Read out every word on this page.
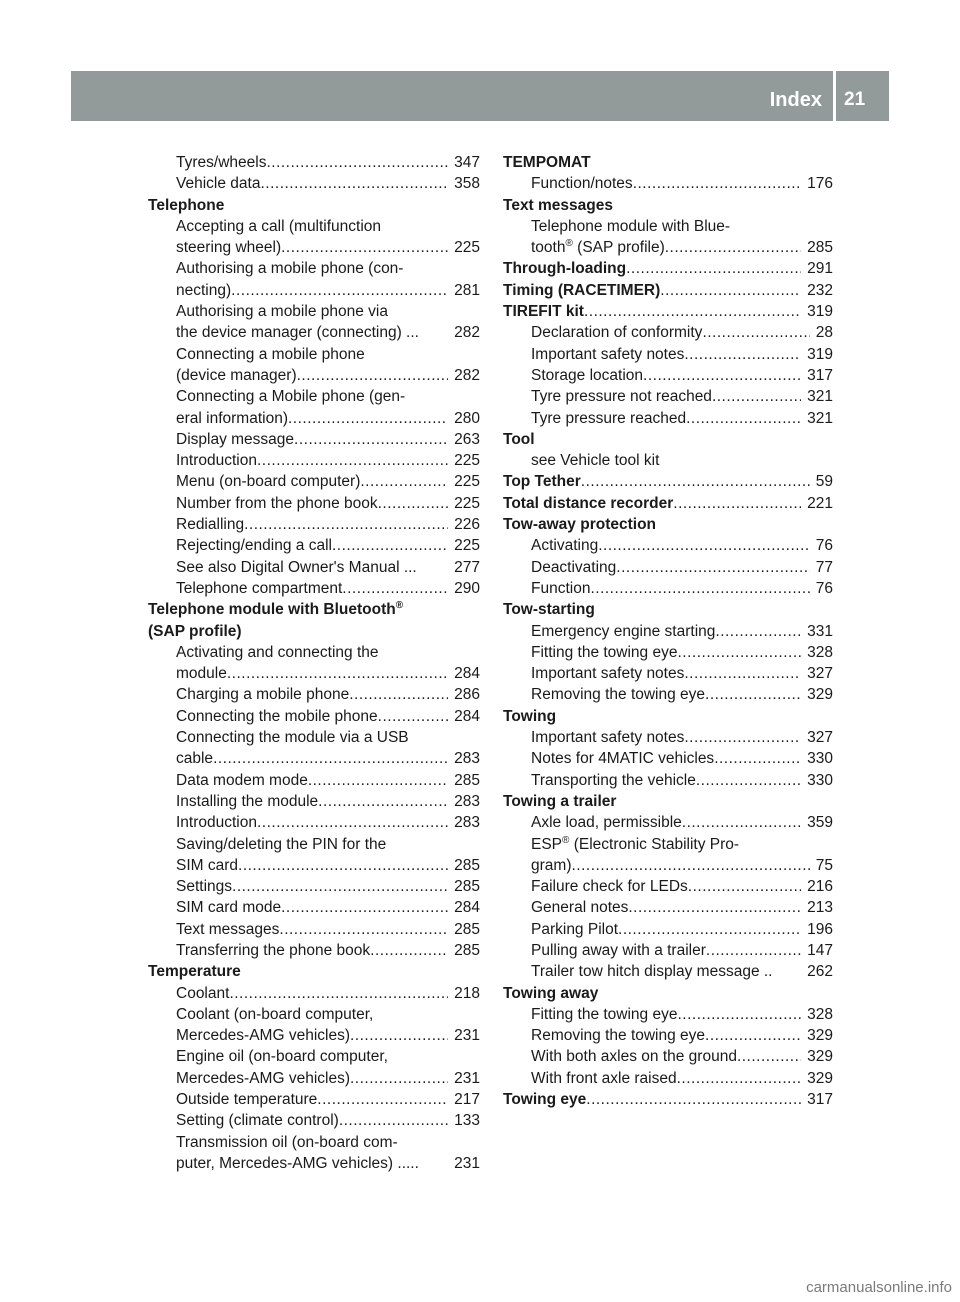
Index 21
Tyres/wheels .....	347
Vehicle data .....	358
Telephone
Accepting a call (multifunction
steering wheel) .....	225
Authorising a mobile phone (con-
necting) .....	281
Authorising a mobile phone via
the device manager (connecting) ...	282
Connecting a mobile phone
(device manager) .....	282
Connecting a Mobile phone (gen-
eral information) .....	280
Display message .....	263
Introduction .....	225
Menu (on-board computer) .....	225
Number from the phone book .....	225
Redialling .....	226
Rejecting/ending a call .....	225
See also Digital Owner's Manual ...	277
Telephone compartment .....	290
Telephone module with Bluetooth®
(SAP profile)
Activating and connecting the
module .....	284
Charging a mobile phone .....	286
Connecting the mobile phone .....	284
Connecting the module via a USB
cable .....	283
Data modem mode .....	285
Installing the module .....	283
Introduction .....	283
Saving/deleting the PIN for the
SIM card .....	285
Settings .....	285
SIM card mode .....	284
Text messages .....	285
Transferring the phone book .....	285
Temperature
Coolant .....	218
Coolant (on-board computer,
Mercedes-AMG vehicles) .....	231
Engine oil (on-board computer,
Mercedes-AMG vehicles) .....	231
Outside temperature .....	217
Setting (climate control) .....	133
Transmission oil (on-board com-
puter, Mercedes-AMG vehicles) .....	231
TEMPOMAT
Function/notes .....	176
Text messages
Telephone module with Blue-
tooth® (SAP profile) .....	285
Through-loading .....	291
Timing (RACETIMER) .....	232
TIREFIT kit .....	319
Declaration of conformity .....	28
Important safety notes .....	319
Storage location .....	317
Tyre pressure not reached .....	321
Tyre pressure reached .....	321
Tool
see Vehicle tool kit
Top Tether .....	59
Total distance recorder .....	221
Tow-away protection
Activating .....	76
Deactivating .....	77
Function .....	76
Tow-starting
Emergency engine starting .....	331
Fitting the towing eye .....	328
Important safety notes .....	327
Removing the towing eye .....	329
Towing
Important safety notes .....	327
Notes for 4MATIC vehicles .....	330
Transporting the vehicle .....	330
Towing a trailer
Axle load, permissible .....	359
ESP® (Electronic Stability Pro-
gram) .....	75
Failure check for LEDs .....	216
General notes .....	213
Parking Pilot .....	196
Pulling away with a trailer .....	147
Trailer tow hitch display message ..	262
Towing away
Fitting the towing eye .....	328
Removing the towing eye .....	329
With both axles on the ground .....	329
With front axle raised .....	329
Towing eye .....	317
carmanualsonline.info
